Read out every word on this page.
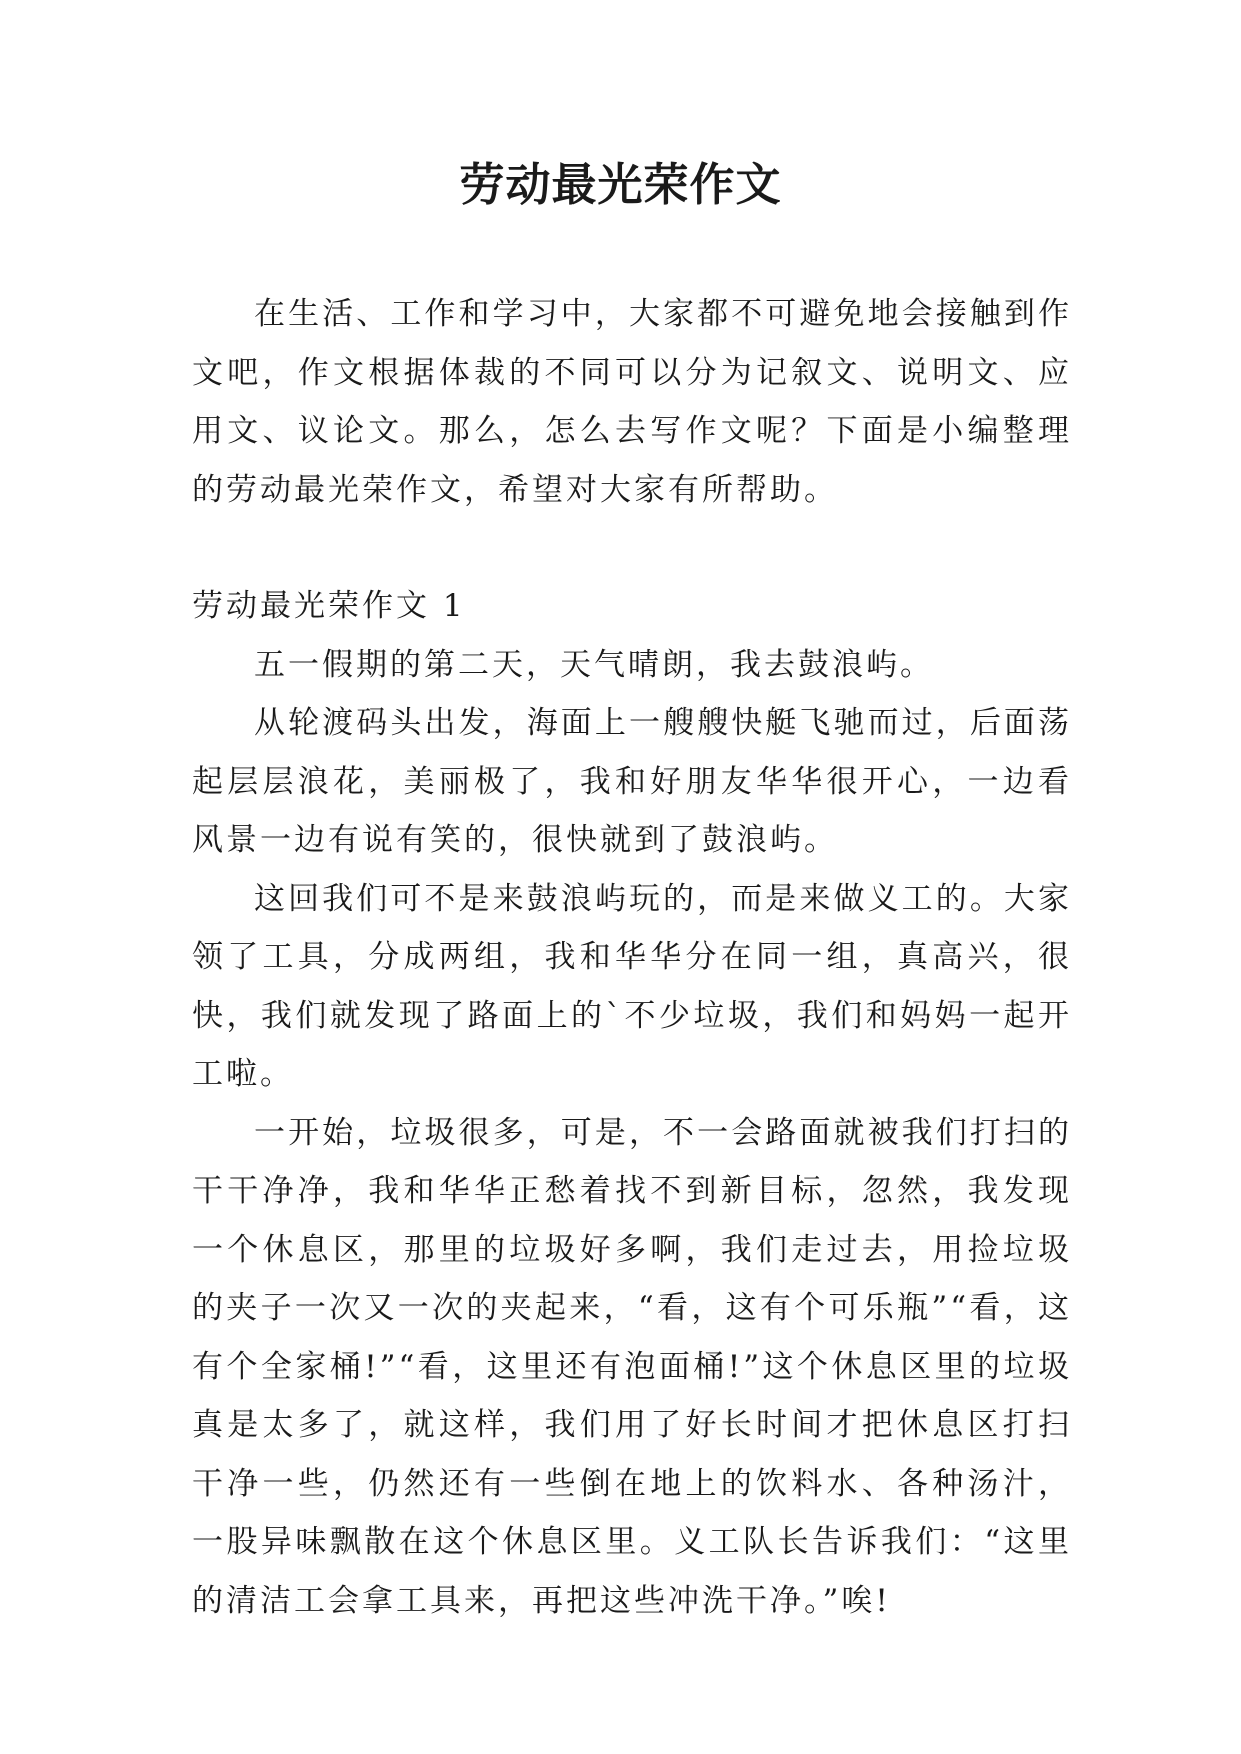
劳动最光荣作文

在生活、工作和学习中，大家都不可避免地会接触到作文吧，作文根据体裁的不同可以分为记叙文、说明文、应用文、议论文。那么，怎么去写作文呢？下面是小编整理的劳动最光荣作文，希望对大家有所帮助。

劳动最光荣作文 1

五一假期的第二天，天气晴朗，我去鼓浪屿。

从轮渡码头出发，海面上一艘艘快艇飞驰而过，后面荡起层层浪花，美丽极了，我和好朋友华华很开心，一边看风景一边有说有笑的，很快就到了鼓浪屿。

这回我们可不是来鼓浪屿玩的，而是来做义工的。大家领了工具，分成两组，我和华华分在同一组，真高兴，很快，我们就发现了路面上的`不少垃圾，我们和妈妈一起开工啦。

一开始，垃圾很多，可是，不一会路面就被我们打扫的干干净净，我和华华正愁着找不到新目标，忽然，我发现一个休息区，那里的垃圾好多啊，我们走过去，用捡垃圾的夹子一次又一次的夹起来，“看，这有个可乐瓶”“看，这有个全家桶!”“看，这里还有泡面桶!”这个休息区里的垃圾真是太多了，就这样，我们用了好长时间才把休息区打扫干净一些，仍然还有一些倒在地上的饮料水、各种汤汁，一股异味飘散在这个休息区里。义工队长告诉我们：“这里的清洁工会拿工具来，再把这些冲洗干净。”唉!
